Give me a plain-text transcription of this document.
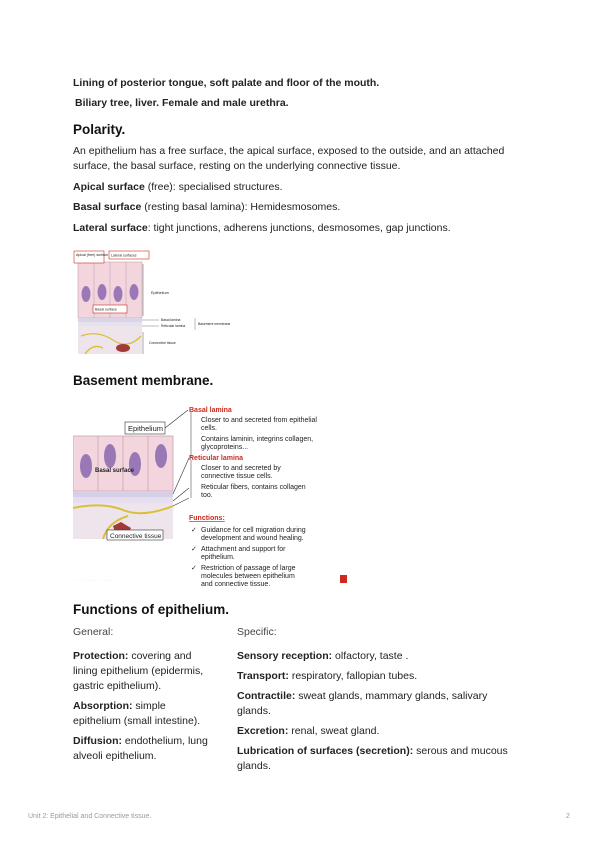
Lining of posterior tongue, soft palate and floor of the mouth.
Biliary tree, liver. Female and male urethra.
Polarity.
An epithelium has a free surface, the apical surface, exposed to the outside, and an attached
surface, the basal surface, resting on the underlying connective tissue.
Apical surface (free): specialised structures.
Basal surface (resting basal lamina): Hemidesmosomes.
Lateral surface: tight junctions, adherens junctions, desmosomes, gap junctions.
Apical (free) surface Lateral surfaces
Basal surface
Epithelium
Basal lamina
Reticular lamina	Basement membrane
Connective tissue
Basement membrane.
Epithelium
Basal surface
Connective tissue
· · · · · · · · · · · · · · · · · · · · · · · ·
Basal lamina
Closer to and secreted from epithelial
cells.
Contains laminin, integrins collagen,
glycoproteins...
Reticular lamina
Closer to and secreted by
connective tissue cells.
Reticular fibers, contains collagen
too.
Functions:
✓ Guidance for cell migration during
development and wound healing.
✓ Attachment and support for
epithelium.
✓ Restriction of passage of large
molecules between epithelium
and connective tissue.
Functions of epithelium.

General:

Protection: covering and
lining epithelium (epidermis,
gastric epithelium).

Absorption: simple
epithelium (small intestine).

Diffusion: endothelium, lung
alveoli epithelium.

Specific:

Sensory reception: olfactory, taste .

Transport: respiratory, fallopian tubes.

Contractile: sweat glands, mammary glands, salivary
glands.

Excretion: renal, sweat gland.

Lubrication of surfaces (secretion): serous and mucous
glands.

Unit 2: Epithelial and Connective tissue.	2
